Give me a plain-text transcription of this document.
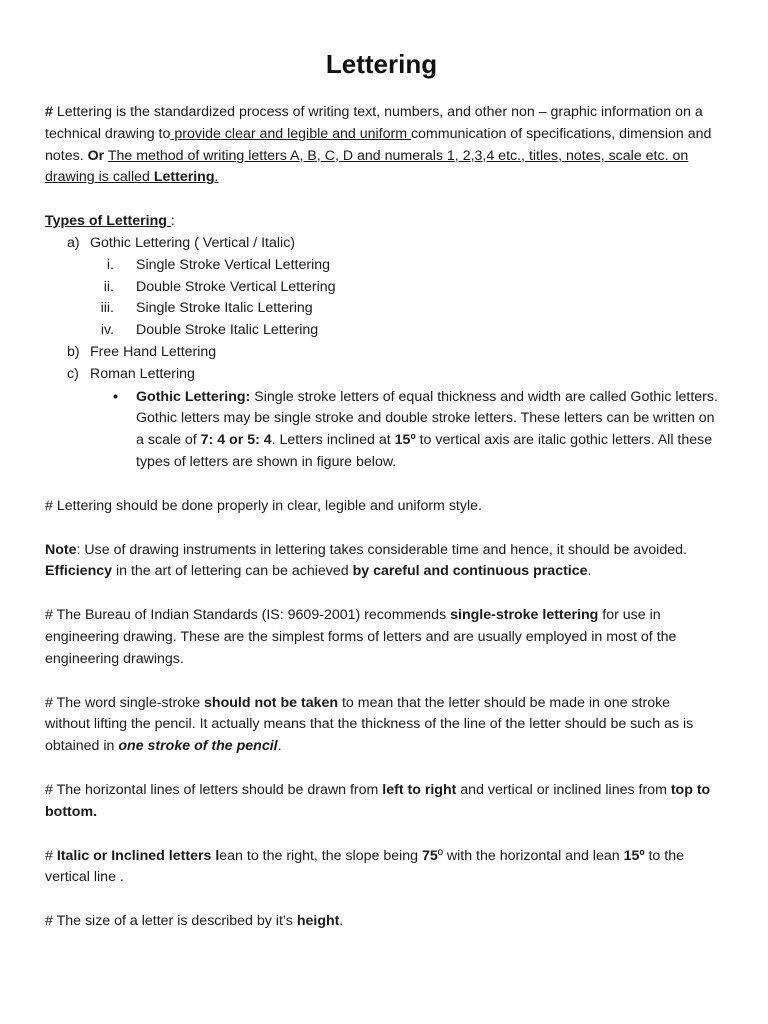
Lettering

# Lettering is the standardized process of writing text, numbers, and other non – graphic information on a technical drawing to provide clear and legible and uniform communication of specifications, dimension and notes. Or The method of writing letters A, B, C, D and numerals 1, 2,3,4 etc., titles, notes, scale etc. on drawing is called Lettering.

Types of Lettering :

a) Gothic Lettering ( Vertical / Italic)
i.	Single Stroke Vertical Lettering
ii.	Double Stroke Vertical Lettering
iii.	Single Stroke Italic Lettering
iv.	Double Stroke Italic Lettering
b) Free Hand Lettering
c) Roman Lettering
•	Gothic Lettering: Single stroke letters of equal thickness and width are called Gothic letters. Gothic letters may be single stroke and double stroke letters. These letters can be written on a scale of 7: 4 or 5: 4. Letters inclined at 15º to vertical axis are italic gothic letters. All these types of letters are shown in figure below.

# Lettering should be done properly in clear, legible and uniform style.

Note: Use of drawing instruments in lettering takes considerable time and hence, it should be avoided.
Efficiency in the art of lettering can be achieved by careful and continuous practice.

# The Bureau of Indian Standards (IS: 9609-2001) recommends single-stroke lettering for use in engineering drawing. These are the simplest forms of letters and are usually employed in most of the engineering drawings.

# The word single-stroke should not be taken to mean that the letter should be made in one stroke without lifting the pencil. It actually means that the thickness of the line of the letter should be such as is obtained in one stroke of the pencil.

# The horizontal lines of letters should be drawn from left to right and vertical or inclined lines from top to bottom.

# Italic or Inclined letters lean to the right, the slope being 75º with the horizontal and lean 15º to the vertical line .

# The size of a letter is described by it’s height.
